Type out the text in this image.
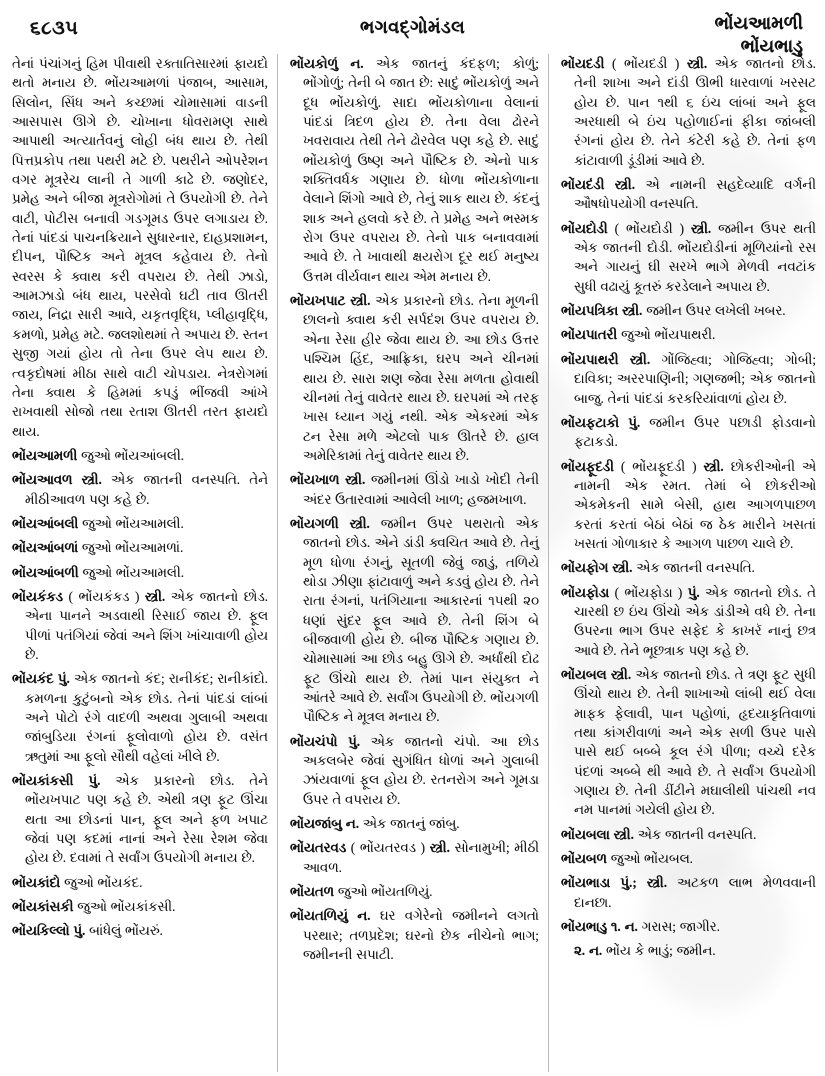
૬૮૩૫	ભગવદ્ગોમંડલ	ભોંયઆમળી
ભોંયભાડુ

તેનાં પંચાંગનું હિમ પીવાથી રક્તાતિસારમાં ફાયદો થતો મનાય છે. ભોંયઆમળાં પંજાબ, આસામ, સિલોન, સિંધ અને કચ્છમાં ચોમાસામાં વાડની આસપાસ ઊગે છે. ચોખાના ધોવરામણ સાથે આપાથી અત્યાર્તવનું લોહી બંધ થાય છે. તેથી પિત્તપ્રકોપ તથા પથરી મટે છે. પથરીને ઓપરેશન વગર મૂત્રરેચ લાની તે ગાળી કાઢે છે. જણોદર, પ્રમેહ અને બીજા મૂત્રરોગોમાં તે ઉપયોગી છે. તેને વાટી, પોટીસ બનાવી ગડગૂમડ ઉપર લગાડાય છે. તેનાં પાંદડાં પાચનક્રિયાને સુધારનાર, દાહપ્રશામન, દીપન, પૌષ્ટિક અને મૂત્રલ કહેવાય છે. તેનો સ્વરસ કે ક્વાથ કરી વપરાય છે. તેથી ઝાડો, આમઝાડો બંધ થાય, પરસેવો ઘટી તાવ ઊતરી જાય, નિદ્રા સારી આવે, યકૃતવૃદ્ધિ, પ્લીહાવૃદ્ધિ, કમળો, પ્રમેહ મટે. જલશોથમાં તે અપાય છે. સ્તન સુજી ગયાં હોય તો તેના ઉપર લેપ થાય છે. ત્વકૃદોષમાં મીઠા સાથે વાટી ચોપડાય. નેત્રરોગમાં તેના ક્વાથ કે હિમમાં કપડું ભીંજવી આંખે રાખવાથી સોજો તથા રતાશ ઊતરી તરત ફાયદો થાય.

ભોંયઆમળી જુઓ ભોંયઆંબલી.

ભોંયઆવળ સ્ત્રી. એક જાતની વનસ્પતિ. તેને મીઠીઆવળ પણ કહે છે.

ભોંયઆંબલી જુઓ ભોંયઆમલી.

ભોંયઆંબળાં જુઓ ભોંયઆમળાં.

ભોંયઆંબળી જુઓ ભોંયઆમલી.

ભોંયકંકડ ( ભોંયકંકડ ) સ્ત્રી. એક જાતનો છોડ. એના પાનને અડવાથી રિસાઈ જાય છે. ફૂલ પીળાં પતંગિયાં જેવાં અને શિંગ ખાંચાવાળી હોય છે.

ભોંયકંદ પું. એક જાતનો કંદ; રાનીકંદ; રાનીકાંદો. કમળના કુટુંબનો એક છોડ. તેનાં પાંદડાં લાંબાં અને પોટો રંગે વાદળી અથવા ગુલાબી અથવા જાંબુડિયા રંગનાં ફૂલોવાળો હોય છે. વસંત ઋતુમાં આ ફૂલો સૌથી વહેલાં ખીલે છે.

ભોંયકાંકસી પું. એક પ્રકારનો છોડ. તેને ભોંયખપાટ પણ કહે છે. એથી ત્રણ ફૂટ ઊંચા થતા આ છોડનાં પાન, ફૂલ અને ફળ ખપાટ જેવાં પણ કદમાં નાનાં અને રેસા રેશમ જેવા હોય છે. દવામાં તે સર્વાંગ ઉપયોગી મનાય છે.

ભોંયકાંદો જુઓ ભોંયકંદ.

ભોંયકાંસકી જુઓ ભોંયકાંકસી.

ભોંયકિલ્લો પું. બાંધેલું ભોંયરું.

ભોંયકોળું ન. એક જાતનું કંદફળ; કોળું; ભોંગોળું; તેની બે જાત છે: સાદું ભોંયકોળું અને દૂધ ભોંયકોળું. સાદા ભોંયકોળાના વેલાનાં પાંદડાં ત્રિદળ હોય છે. તેના વેલા ઢોરને ખવરાવાય તેથી તેને ઢોરવેલ પણ કહે છે. સાદું ભોંયકોળું ઉષ્ણ અને પૌષ્ટિક છે. એનો પાક શક્તિવર્ધક ગણાય છે. ધોળા ભોંયકોળાના વેલાને શિંગો આવે છે, તેનું શાક થાય છે. કંદનું શાક અને હલવો કરે છે. તે પ્રમેહ અને ભસ્મક રોગ ઉપર વપરાય છે. તેનો પાક બનાવવામાં આવે છે. તે ખાવાથી ક્ષયરોગ દૂર થઈ મનુષ્ય ઉત્તમ વીર્યવાન થાય એમ મનાય છે.

ભોંયખપાટ સ્ત્રી. એક પ્રકારનો છોડ. તેના મૂળની છાલનો ક્વાથ કરી સર્પદંશ ઉપર વપરાય છે. એના રેસા હીર જેવા થાય છે. આ છોડ ઉત્તર પશ્ચિમ હિંદ, આફ્રિકા, ઘરપ અને ચીનમાં થાય છે. સારા શણ જેવા રેસા મળતા હોવાથી ચીનમાં તેનું વાવેતર થાય છે. ઘરપમાં એ તરફ ખાસ ધ્યાન ગયું નથી. એક એકરમાં એક ટન રેસા મળે એટલો પાક ઊતરે છે. હાલ અમેરિકામાં તેનું વાવેતર થાય છે.

ભોંયખાળ સ્ત્રી. જમીનમાં ઊંડો ખાડો ખોદી તેની અંદર ઉતારવામાં આવેલી ખાળ; હજમખાળ.

ભોંયગળી સ્ત્રી. જમીન ઉપર પથરાતો એક જાતનો છોડ. એને ડાંડી ક્વચિત આવે છે. તેનું મૂળ ધોળા રંગનું, સૂતળી જેવું જાડું, તળિયે થોડા ઝીણા ફાંટાવાળું અને કડવું હોય છે. તેને રાતા રંગનાં, પતંગિયાના આકારનાં ૧૫થી ૨૦ ધણાં સુંદર ફૂલ આવે છે. તેની શિંગ બે બીજવાળી હોય છે. બીજ પૌષ્ટિક ગણાય છે. ચોમાસામાં આ છોડ બહુ ઊગે છે. અર્ધાંથી દોઢ ફૂટ ઊંચો થાય છે. તેમાં પાન સંયુક્ત ને આંતરે આવે છે. સર્વાંગ ઉપયોગી છે. ભોંયગળી પૌષ્ટિક ને મૂત્રલ મનાય છે.

ભોંયચંપો પું. એક જાતનો ચંપો. આ છોડ અકલબેર જેવાં સુગંધિત ધોળાં અને ગુલાબી ઝાંયવાળાં ફૂલ હોય છે. રતનરોગ અને ગૂમડા ઉપર તે વપરાય છે.

ભોંયજાંબુ ન. એક જાતનું જાંબુ.

ભોંયતરવડ ( ભોંયતરવડ ) સ્ત્રી. સોનામુખી; મીઠી આવળ.

ભોંયતળ જુઓ ભોંયતળિયું.

ભોંયતળિયું ન. ઘર વગેરેનો જમીનને લગતો પરથાર; તળપ્રદેશ; ઘરનો છેક નીચેનો ભાગ; જમીનની સપાટી.

ભોંયદડી ( ભોંયદડી ) સ્ત્રી. એક જાતનો છોડ. તેની શાખા અને દાંડી ઊભી ધારવાળાં ખરસટ હોય છે. પાન ૧થી ૬ ઇંચ લાંબાં અને ફૂલ અરધાથી બે ઇંચ પહોળાઈનાં ફીકા જાંબલી રંગનાં હોય છે. તેને કંટેરી કહે છે. તેનાં ફળ કાંટાવાળી ડૂંડીમાં આવે છે.

ભોંયદંડી સ્ત્રી. એ નામની સહદેવ્યાદિ વર્ગની ઔષધોપયોગી વનસ્પતિ.

ભોંયદોડી ( ભોંયદોડી ) સ્ત્રી. જમીન ઉપર થતી એક જાતની દોડી. ભોંયદોડીનાં મૂળિયાંનો રસ અને ગાયનું ઘી સરખે ભાગે મેળવી નવટાંક સુધી વઢાયું કૂતરું કરડેલાને અપાય છે.

ભોંયપત્રિકા સ્ત્રી. જમીન ઉપર લખેલી ખબર.

ભોંયપાતરી જુઓ ભોંયપાથરી.

ભોંયપાથરી સ્ત્રી. ગોંજિહ્વા; ગોજિહ્વા; ગોબી; દાવિકા; અરરપાણિની; ગણજભી; એક જાતનો બાજુ. તેનાં પાંદડાં કરકરિયાંવાળાં હોય છે.

ભોંયફટાકો પું. જમીન ઉપર પછાડી ફોડવાનો ફટાકડો.

ભોંયફૂદડી ( ભોંયફૂદડી ) સ્ત્રી. છોકરીઓની એ નામની એક રમત. તેમાં બે છોકરીઓ એકમેકની સામે બેસી, હાથ આગળપાછળ કરતાં કરતાં બેઠાં બેઠાં જ ઠેક મારીને ખસતાં ખસતાં ગોળાકાર કે આગળ પાછળ ચાલે છે.

ભોંયફોગ સ્ત્રી. એક જાતની વનસ્પતિ.

ભોંયફોડા ( ભોંયફોડા ) પું. એક જાતનો છોડ. તે ચારથી છ ઇંચ ઊંચો એક ડાંડીએ વધે છે. તેના ઉપરના ભાગ ઉપર સફેદ કે કાખરૅ નાનું છત્ર આવે છે. તેને ભૂછત્રાક પણ કહે છે.

ભોંયબલ સ્ત્રી. એક જાતનો છોડ. તે ત્રણ ફૂટ સુધી ઊંચો થાય છે. તેની શાખાઓ લાંબી થઈ વેલા માફક ફેલાવી, પાન પહોળાં, હૃદયાકૃતિવાળાં તથા કાંગરીવાળાં અને એક સળી ઉપર પાસે પાસે થઈ બબ્બે કૂલ રંગે પીળા; વચ્ચે દરેક પંદળાં અબ્બે થી આવે છે. તે સર્વાંગ ઉપયોગી ગણાય છે. તેની ડીંટીને મઘાલીથી પાંચથી નવ નમ પાનમાં ગયેલી હોય છે.

ભોંયબલા સ્ત્રી. એક જાતની વનસ્પતિ.

ભોંયબળ જુઓ ભોંયબલ.

ભોંયભાડા પું.; સ્ત્રી. અટકળ લાભ મેળવવાની દાનછા.

ભોંયભાડુ ૧. ન. ગરાસ; જાગીર.

૨. ન. ભોંય કે ભાડું; જમીન.
